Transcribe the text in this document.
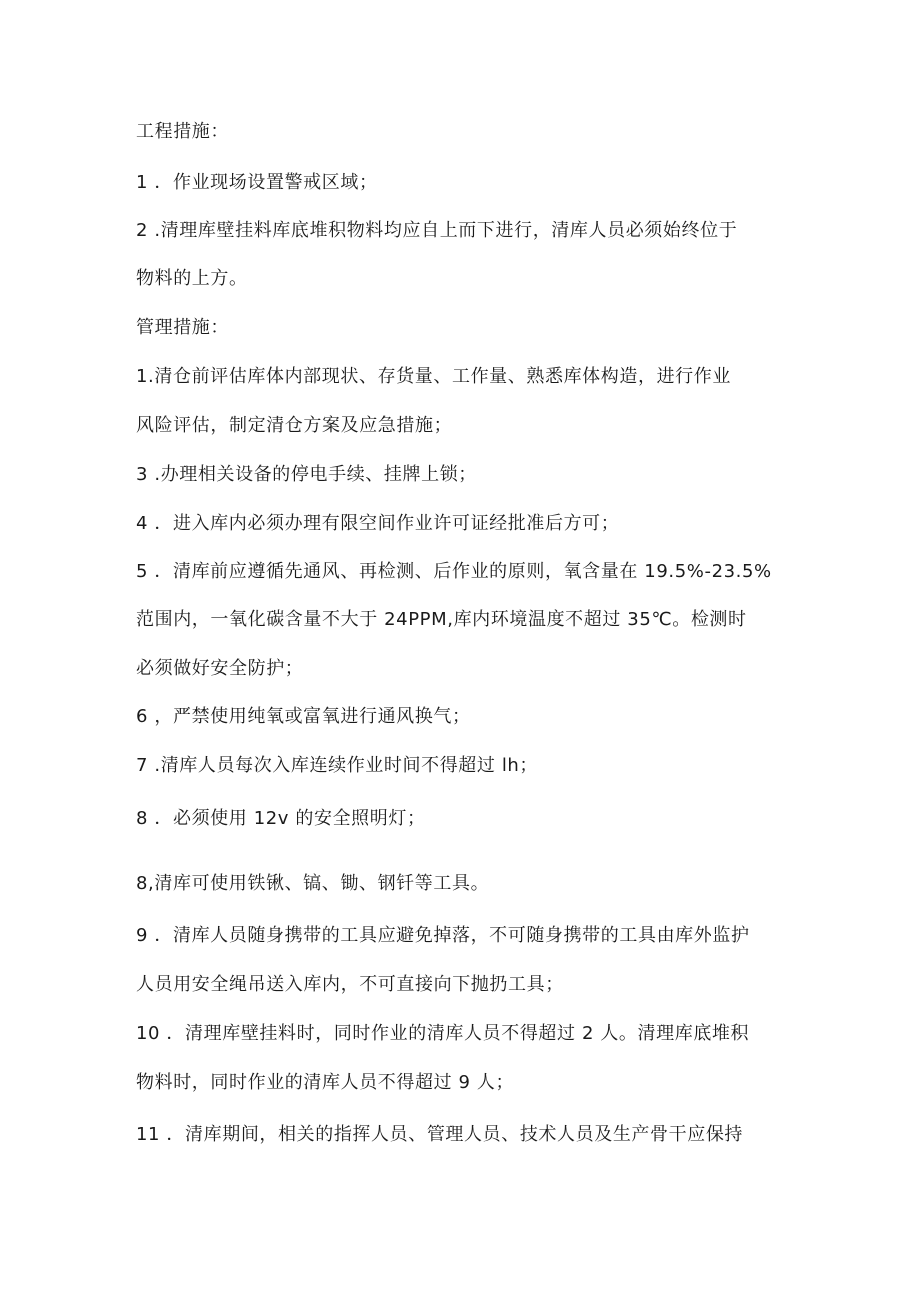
工程措施：
1 ．作业现场设置警戒区域；
2 .清理库壁挂料库底堆积物料均应自上而下进行，清库人员必须始终位于
物料的上方。
管理措施：
1.清仓前评估库体内部现状、存货量、工作量、熟悉库体构造，进行作业
风险评估，制定清仓方案及应急措施；
3 .办理相关设备的停电手续、挂牌上锁；
4 ．进入库内必须办理有限空间作业许可证经批准后方可；
5 ．清库前应遵循先通风、再检测、后作业的原则，氧含量在 19.5%-23.5%
范围内，一氧化碳含量不大于 24PPM,库内环境温度不超过 35℃。检测时
必须做好安全防护；
6 ，严禁使用纯氧或富氧进行通风换气；
7 .清库人员每次入库连续作业时间不得超过 lh；
8 ．必须使用 12v 的安全照明灯；
8,清库可使用铁锹、镐、锄、钢钎等工具。
9 ．清库人员随身携带的工具应避免掉落，不可随身携带的工具由库外监护
人员用安全绳吊送入库内，不可直接向下抛扔工具；
10 ．清理库壁挂料时，同时作业的清库人员不得超过 2 人。清理库底堆积
物料时，同时作业的清库人员不得超过 9 人；
11 ．清库期间，相关的指挥人员、管理人员、技术人员及生产骨干应保持
